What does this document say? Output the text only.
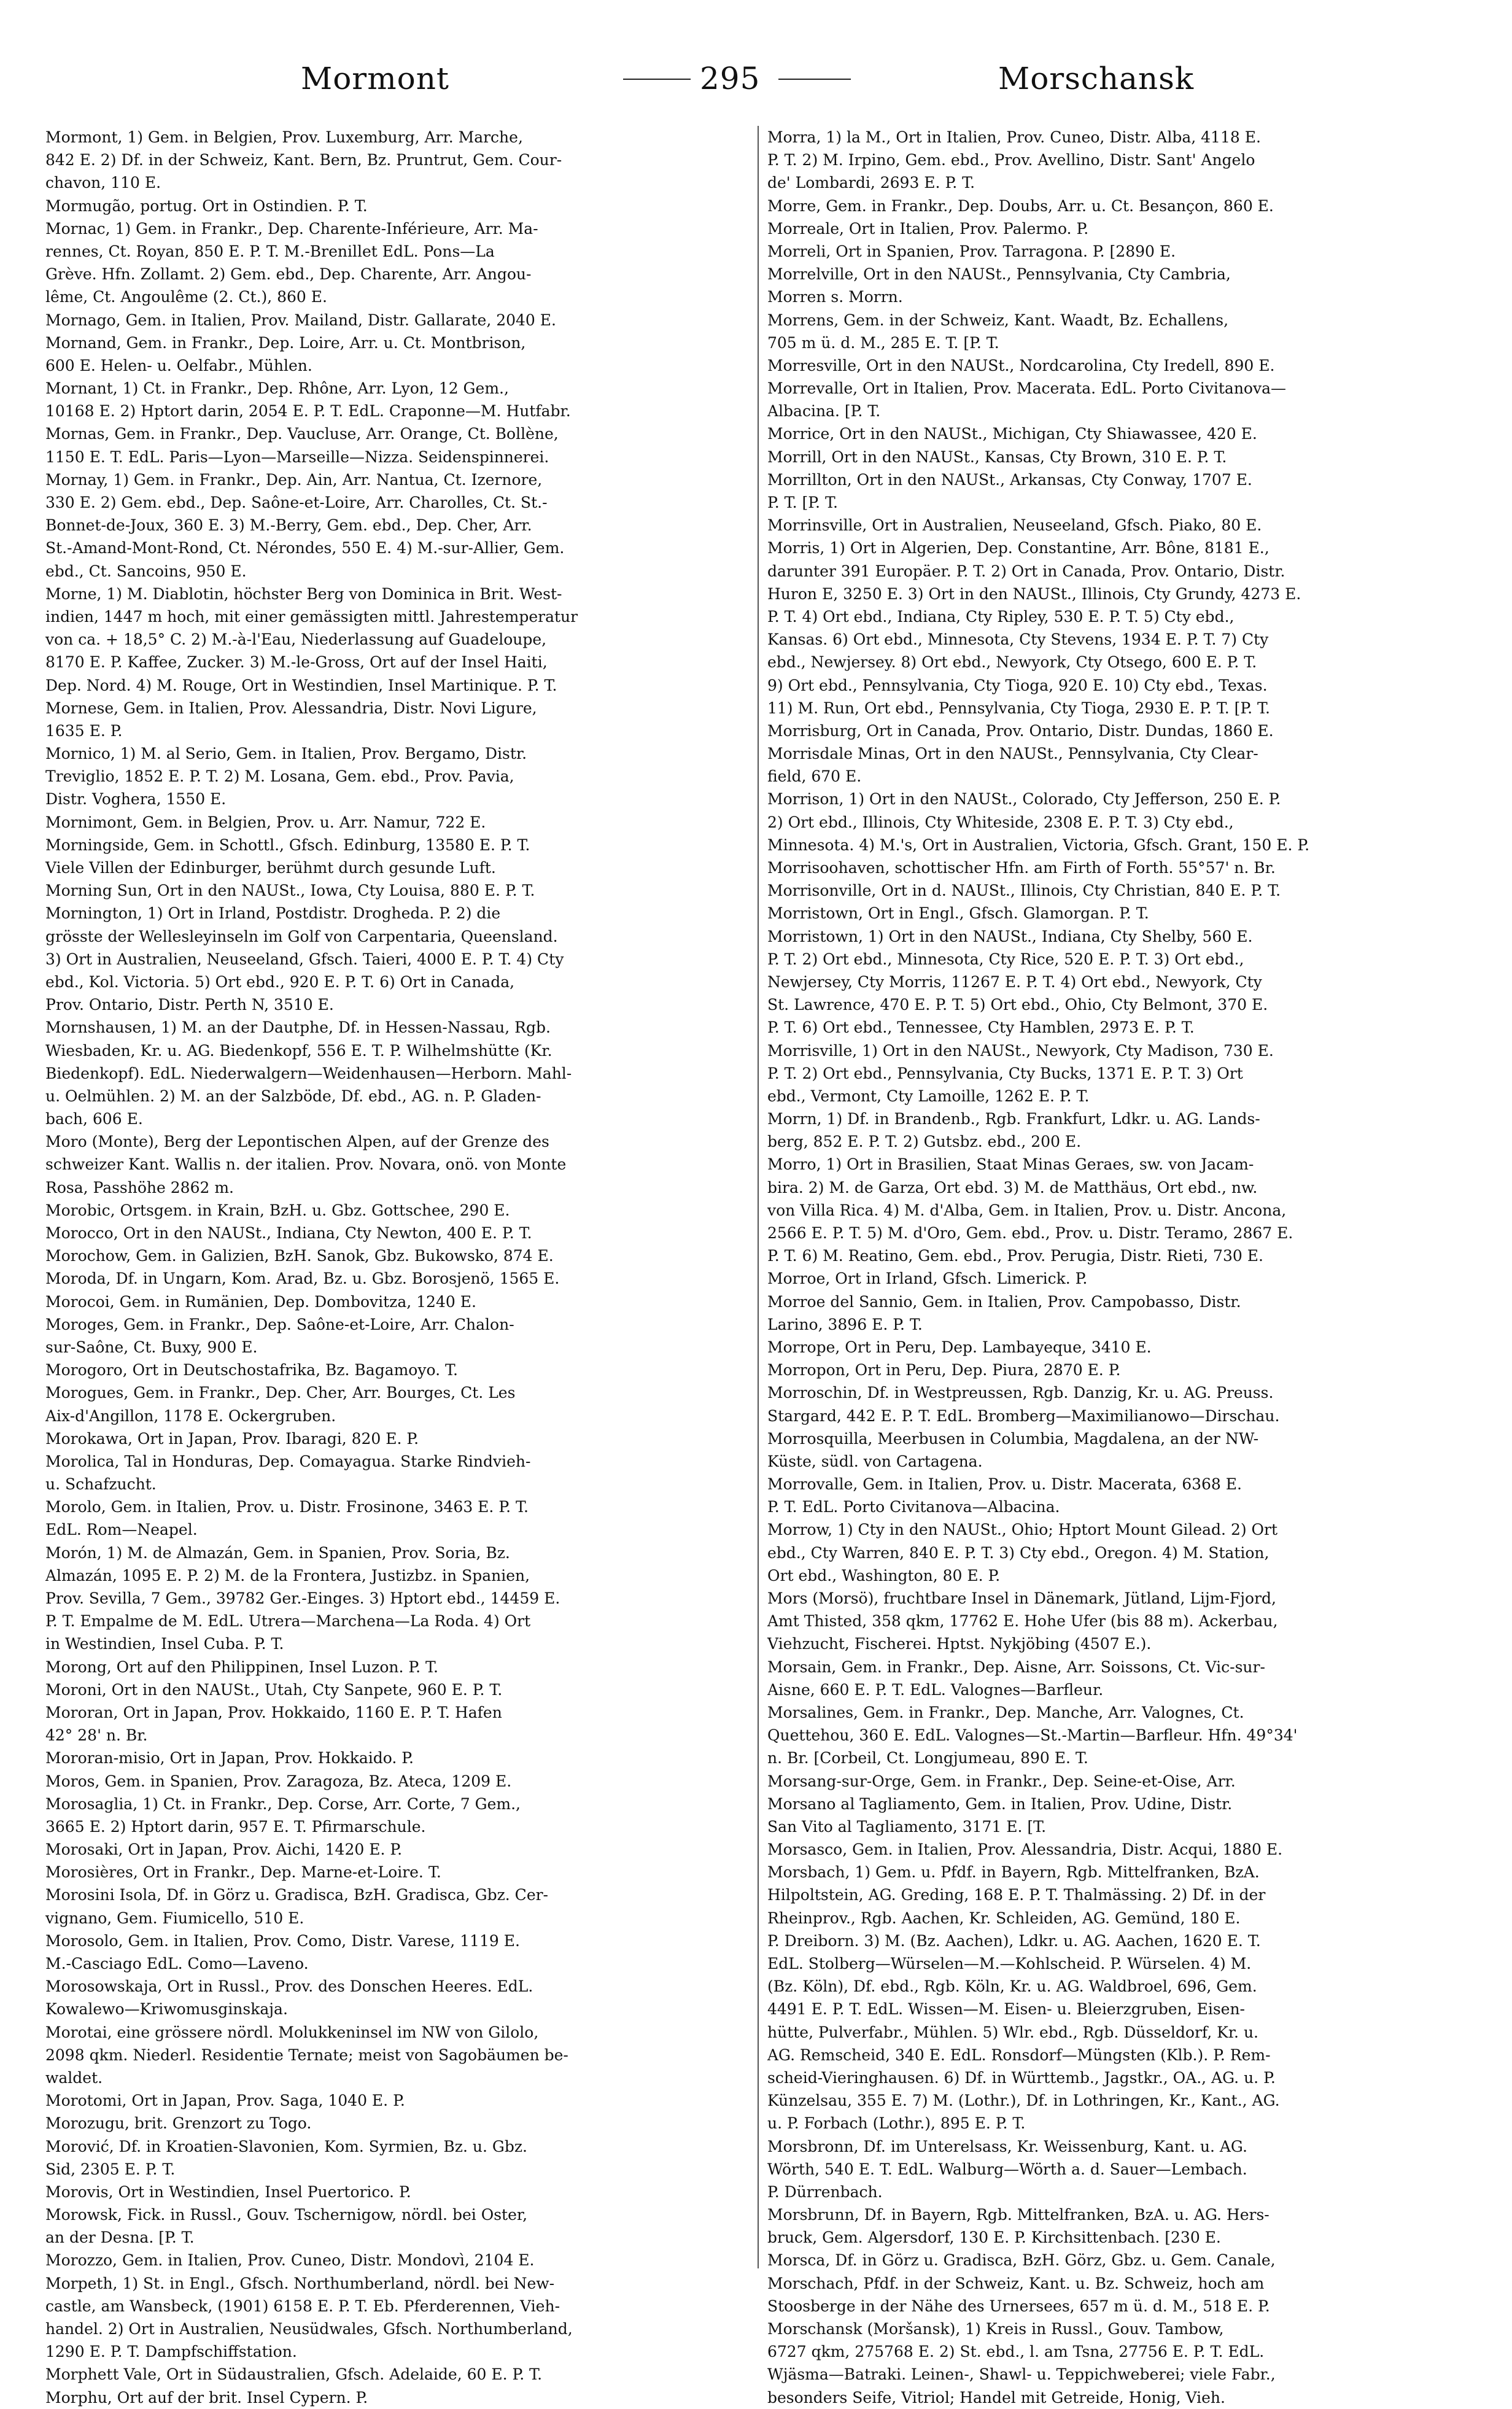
Mormont	295	Morschansk
Mormont, 1) Gem. in Belgien, Prov. Luxemburg, Arr. Marche,
842 E. 2) Df. in der Schweiz, Kant. Bern, Bz. Pruntrut, Gem. Cour-
chavon, 110 E.
Mormugão, portug. Ort in Ostindien. P. T.
Mornac, 1) Gem. in Frankr., Dep. Charente-Inférieure, Arr. Ma-
rennes, Ct. Royan, 850 E. P. T. M.-Brenillet EdL. Pons—La
Grève. Hfn. Zollamt. 2) Gem. ebd., Dep. Charente, Arr. Angou-
lême, Ct. Angoulême (2. Ct.), 860 E.
Mornago, Gem. in Italien, Prov. Mailand, Distr. Gallarate, 2040 E.
Mornand, Gem. in Frankr., Dep. Loire, Arr. u. Ct. Montbrison,
600 E. Helen- u. Oelfabr., Mühlen.
Mornant, 1) Ct. in Frankr., Dep. Rhône, Arr. Lyon, 12 Gem.,
10168 E. 2) Hptort darin, 2054 E. P. T. EdL. Craponne—M. Hutfabr.
Mornas, Gem. in Frankr., Dep. Vaucluse, Arr. Orange, Ct. Bollène,
1150 E. T. EdL. Paris—Lyon—Marseille—Nizza. Seidenspinnerei.
Mornay, 1) Gem. in Frankr., Dep. Ain, Arr. Nantua, Ct. Izernore,
330 E. 2) Gem. ebd., Dep. Saône-et-Loire, Arr. Charolles, Ct. St.-
Bonnet-de-Joux, 360 E. 3) M.-Berry, Gem. ebd., Dep. Cher, Arr.
St.-Amand-Mont-Rond, Ct. Nérondes, 550 E. 4) M.-sur-Allier, Gem.
ebd., Ct. Sancoins, 950 E.
Morne, 1) M. Diablotin, höchster Berg von Dominica in Brit. West-
indien, 1447 m hoch, mit einer gemässigten mittl. Jahrestemperatur
von ca. + 18,5° C. 2) M.-à-l'Eau, Niederlassung auf Guadeloupe,
8170 E. P. Kaffee, Zucker. 3) M.-le-Gross, Ort auf der Insel Haiti,
Dep. Nord. 4) M. Rouge, Ort in Westindien, Insel Martinique. P. T.
Mornese, Gem. in Italien, Prov. Alessandria, Distr. Novi Ligure,
1635 E. P.
Mornico, 1) M. al Serio, Gem. in Italien, Prov. Bergamo, Distr.
Treviglio, 1852 E. P. T. 2) M. Losana, Gem. ebd., Prov. Pavia,
Distr. Voghera, 1550 E.
Mornimont, Gem. in Belgien, Prov. u. Arr. Namur, 722 E.
Morningside, Gem. in Schottl., Gfsch. Edinburg, 13580 E. P. T.
Viele Villen der Edinburger, berühmt durch gesunde Luft.
Morning Sun, Ort in den NAUSt., Iowa, Cty Louisa, 880 E. P. T.
Mornington, 1) Ort in Irland, Postdistr. Drogheda. P. 2) die
grösste der Wellesleyinseln im Golf von Carpentaria, Queensland.
3) Ort in Australien, Neuseeland, Gfsch. Taieri, 4000 E. P. T. 4) Cty
ebd., Kol. Victoria. 5) Ort ebd., 920 E. P. T. 6) Ort in Canada,
Prov. Ontario, Distr. Perth N, 3510 E.
Mornshausen, 1) M. an der Dautphe, Df. in Hessen-Nassau, Rgb.
Wiesbaden, Kr. u. AG. Biedenkopf, 556 E. T. P. Wilhelmshütte (Kr.
Biedenkopf). EdL. Niederwalgern—Weidenhausen—Herborn. Mahl-
u. Oelmühlen. 2) M. an der Salzböde, Df. ebd., AG. n. P. Gladen-
bach, 606 E.
Moro (Monte), Berg der Lepontischen Alpen, auf der Grenze des
schweizer Kant. Wallis n. der italien. Prov. Novara, onö. von Monte
Rosa, Passhöhe 2862 m.
Morobic, Ortsgem. in Krain, BzH. u. Gbz. Gottschee, 290 E.
Morocco, Ort in den NAUSt., Indiana, Cty Newton, 400 E. P. T.
Morochow, Gem. in Galizien, BzH. Sanok, Gbz. Bukowsko, 874 E.
Moroda, Df. in Ungarn, Kom. Arad, Bz. u. Gbz. Borosjenö, 1565 E.
Morocoi, Gem. in Rumänien, Dep. Dombovitza, 1240 E.
Moroges, Gem. in Frankr., Dep. Saône-et-Loire, Arr. Chalon-
sur-Saône, Ct. Buxy, 900 E.
Morogoro, Ort in Deutschostafrika, Bz. Bagamoyo. T.
Morogues, Gem. in Frankr., Dep. Cher, Arr. Bourges, Ct. Les
Aix-d'Angillon, 1178 E. Ockergruben.
Morokawa, Ort in Japan, Prov. Ibaragi, 820 E. P.
Morolica, Tal in Honduras, Dep. Comayagua. Starke Rindvieh-
u. Schafzucht.
Morolo, Gem. in Italien, Prov. u. Distr. Frosinone, 3463 E. P. T.
EdL. Rom—Neapel.
Morón, 1) M. de Almazán, Gem. in Spanien, Prov. Soria, Bz.
Almazán, 1095 E. P. 2) M. de la Frontera, Justizbz. in Spanien,
Prov. Sevilla, 7 Gem., 39782 Ger.-Einges. 3) Hptort ebd., 14459 E.
P. T. Empalme de M. EdL. Utrera—Marchena—La Roda. 4) Ort
in Westindien, Insel Cuba. P. T.
Morong, Ort auf den Philippinen, Insel Luzon. P. T.
Moroni, Ort in den NAUSt., Utah, Cty Sanpete, 960 E. P. T.
Mororan, Ort in Japan, Prov. Hokkaido, 1160 E. P. T. Hafen
42° 28' n. Br.
Mororan-misio, Ort in Japan, Prov. Hokkaido. P.
Moros, Gem. in Spanien, Prov. Zaragoza, Bz. Ateca, 1209 E.
Morosaglia, 1) Ct. in Frankr., Dep. Corse, Arr. Corte, 7 Gem.,
3665 E. 2) Hptort darin, 957 E. T. Pfirmarschule.
Morosaki, Ort in Japan, Prov. Aichi, 1420 E. P.
Morosières, Ort in Frankr., Dep. Marne-et-Loire. T.
Morosini Isola, Df. in Görz u. Gradisca, BzH. Gradisca, Gbz. Cer-
vignano, Gem. Fiumicello, 510 E.
Morosolo, Gem. in Italien, Prov. Como, Distr. Varese, 1119 E.
M.-Casciago EdL. Como—Laveno.
Morosowskaja, Ort in Russl., Prov. des Donschen Heeres. EdL.
Kowalewo—Kriwomusginskaja.
Morotai, eine grössere nördl. Molukkeninsel im NW von Gilolo,
2098 qkm. Niederl. Residentie Ternate; meist von Sagobäumen be-
waldet.
Morotomi, Ort in Japan, Prov. Saga, 1040 E. P.
Morozugu, brit. Grenzort zu Togo.
Morović, Df. in Kroatien-Slavonien, Kom. Syrmien, Bz. u. Gbz.
Sid, 2305 E. P. T.
Morovis, Ort in Westindien, Insel Puertorico. P.
Morowsk, Fick. in Russl., Gouv. Tschernigow, nördl. bei Oster,
an der Desna. [P. T.
Morozzo, Gem. in Italien, Prov. Cuneo, Distr. Mondovì, 2104 E.
Morpeth, 1) St. in Engl., Gfsch. Northumberland, nördl. bei New-
castle, am Wansbeck, (1901) 6158 E. P. T. Eb. Pferderennen, Vieh-
handel. 2) Ort in Australien, Neusüdwales, Gfsch. Northumberland,
1290 E. P. T. Dampfschiffstation.
Morphett Vale, Ort in Südaustralien, Gfsch. Adelaide, 60 E. P. T.
Morphu, Ort auf der brit. Insel Cypern. P.
Morra, 1) la M., Ort in Italien, Prov. Cuneo, Distr. Alba, 4118 E.
P. T. 2) M. Irpino, Gem. ebd., Prov. Avellino, Distr. Sant' Angelo
de' Lombardi, 2693 E. P. T.
Morre, Gem. in Frankr., Dep. Doubs, Arr. u. Ct. Besançon, 860 E.
Morreale, Ort in Italien, Prov. Palermo. P.
Morreli, Ort in Spanien, Prov. Tarragona. P. [2890 E.
Morrelville, Ort in den NAUSt., Pennsylvania, Cty Cambria,
Morren s. Morrn.
Morrens, Gem. in der Schweiz, Kant. Waadt, Bz. Echallens,
705 m ü. d. M., 285 E. T. [P. T.
Morresville, Ort in den NAUSt., Nordcarolina, Cty Iredell, 890 E.
Morrevalle, Ort in Italien, Prov. Macerata. EdL. Porto Civitanova—
Albacina. [P. T.
Morrice, Ort in den NAUSt., Michigan, Cty Shiawassee, 420 E.
Morrill, Ort in den NAUSt., Kansas, Cty Brown, 310 E. P. T.
Morrillton, Ort in den NAUSt., Arkansas, Cty Conway, 1707 E.
P. T. [P. T.
Morrinsville, Ort in Australien, Neuseeland, Gfsch. Piako, 80 E.
Morris, 1) Ort in Algerien, Dep. Constantine, Arr. Bône, 8181 E.,
darunter 391 Europäer. P. T. 2) Ort in Canada, Prov. Ontario, Distr.
Huron E, 3250 E. 3) Ort in den NAUSt., Illinois, Cty Grundy, 4273 E.
P. T. 4) Ort ebd., Indiana, Cty Ripley, 530 E. P. T. 5) Cty ebd.,
Kansas. 6) Ort ebd., Minnesota, Cty Stevens, 1934 E. P. T. 7) Cty
ebd., Newjersey. 8) Ort ebd., Newyork, Cty Otsego, 600 E. P. T.
9) Ort ebd., Pennsylvania, Cty Tioga, 920 E. 10) Cty ebd., Texas.
11) M. Run, Ort ebd., Pennsylvania, Cty Tioga, 2930 E. P. T. [P. T.
Morrisburg, Ort in Canada, Prov. Ontario, Distr. Dundas, 1860 E.
Morrisdale Minas, Ort in den NAUSt., Pennsylvania, Cty Clear-
field, 670 E.
Morrison, 1) Ort in den NAUSt., Colorado, Cty Jefferson, 250 E. P.
2) Ort ebd., Illinois, Cty Whiteside, 2308 E. P. T. 3) Cty ebd.,
Minnesota. 4) M.'s, Ort in Australien, Victoria, Gfsch. Grant, 150 E. P.
Morrisoohaven, schottischer Hfn. am Firth of Forth. 55°57' n. Br.
Morrisonville, Ort in d. NAUSt., Illinois, Cty Christian, 840 E. P. T.
Morristown, Ort in Engl., Gfsch. Glamorgan. P. T.
Morristown, 1) Ort in den NAUSt., Indiana, Cty Shelby, 560 E.
P. T. 2) Ort ebd., Minnesota, Cty Rice, 520 E. P. T. 3) Ort ebd.,
Newjersey, Cty Morris, 11267 E. P. T. 4) Ort ebd., Newyork, Cty
St. Lawrence, 470 E. P. T. 5) Ort ebd., Ohio, Cty Belmont, 370 E.
P. T. 6) Ort ebd., Tennessee, Cty Hamblen, 2973 E. P. T.
Morrisville, 1) Ort in den NAUSt., Newyork, Cty Madison, 730 E.
P. T. 2) Ort ebd., Pennsylvania, Cty Bucks, 1371 E. P. T. 3) Ort
ebd., Vermont, Cty Lamoille, 1262 E. P. T.
Morrn, 1) Df. in Brandenb., Rgb. Frankfurt, Ldkr. u. AG. Lands-
berg, 852 E. P. T. 2) Gutsbz. ebd., 200 E.
Morro, 1) Ort in Brasilien, Staat Minas Geraes, sw. von Jacam-
bira. 2) M. de Garza, Ort ebd. 3) M. de Matthäus, Ort ebd., nw.
von Villa Rica. 4) M. d'Alba, Gem. in Italien, Prov. u. Distr. Ancona,
2566 E. P. T. 5) M. d'Oro, Gem. ebd., Prov. u. Distr. Teramo, 2867 E.
P. T. 6) M. Reatino, Gem. ebd., Prov. Perugia, Distr. Rieti, 730 E.
Morroe, Ort in Irland, Gfsch. Limerick. P.
Morroe del Sannio, Gem. in Italien, Prov. Campobasso, Distr.
Larino, 3896 E. P. T.
Morrope, Ort in Peru, Dep. Lambayeque, 3410 E.
Morropon, Ort in Peru, Dep. Piura, 2870 E. P.
Morroschin, Df. in Westpreussen, Rgb. Danzig, Kr. u. AG. Preuss.
Stargard, 442 E. P. T. EdL. Bromberg—Maximilianowo—Dirschau.
Morrosquilla, Meerbusen in Columbia, Magdalena, an der NW-
Küste, südl. von Cartagena.
Morrovalle, Gem. in Italien, Prov. u. Distr. Macerata, 6368 E.
P. T. EdL. Porto Civitanova—Albacina.
Morrow, 1) Cty in den NAUSt., Ohio; Hptort Mount Gilead. 2) Ort
ebd., Cty Warren, 840 E. P. T. 3) Cty ebd., Oregon. 4) M. Station,
Ort ebd., Washington, 80 E. P.
Mors (Morsö), fruchtbare Insel in Dänemark, Jütland, Lijm-Fjord,
Amt Thisted, 358 qkm, 17762 E. Hohe Ufer (bis 88 m). Ackerbau,
Viehzucht, Fischerei. Hptst. Nykjöbing (4507 E.).
Morsain, Gem. in Frankr., Dep. Aisne, Arr. Soissons, Ct. Vic-sur-
Aisne, 660 E. P. T. EdL. Valognes—Barfleur.
Morsalines, Gem. in Frankr., Dep. Manche, Arr. Valognes, Ct.
Quettehou, 360 E. EdL. Valognes—St.-Martin—Barfleur. Hfn. 49°34'
n. Br. [Corbeil, Ct. Longjumeau, 890 E. T.
Morsang-sur-Orge, Gem. in Frankr., Dep. Seine-et-Oise, Arr.
Morsano al Tagliamento, Gem. in Italien, Prov. Udine, Distr.
San Vito al Tagliamento, 3171 E. [T.
Morsasco, Gem. in Italien, Prov. Alessandria, Distr. Acqui, 1880 E.
Morsbach, 1) Gem. u. Pfdf. in Bayern, Rgb. Mittelfranken, BzA.
Hilpoltstein, AG. Greding, 168 E. P. T. Thalmässing. 2) Df. in der
Rheinprov., Rgb. Aachen, Kr. Schleiden, AG. Gemünd, 180 E.
P. Dreiborn. 3) M. (Bz. Aachen), Ldkr. u. AG. Aachen, 1620 E. T.
EdL. Stolberg—Würselen—M.—Kohlscheid. P. Würselen. 4) M.
(Bz. Köln), Df. ebd., Rgb. Köln, Kr. u. AG. Waldbroel, 696, Gem.
4491 E. P. T. EdL. Wissen—M. Eisen- u. Bleierzgruben, Eisen-
hütte, Pulverfabr., Mühlen. 5) Wlr. ebd., Rgb. Düsseldorf, Kr. u.
AG. Remscheid, 340 E. EdL. Ronsdorf—Müngsten (Klb.). P. Rem-
scheid-Vieringhausen. 6) Df. in Württemb., Jagstkr., OA., AG. u. P.
Künzelsau, 355 E. 7) M. (Lothr.), Df. in Lothringen, Kr., Kant., AG.
u. P. Forbach (Lothr.), 895 E. P. T.
Morsbronn, Df. im Unterelsass, Kr. Weissenburg, Kant. u. AG.
Wörth, 540 E. T. EdL. Walburg—Wörth a. d. Sauer—Lembach.
P. Dürrenbach.
Morsbrunn, Df. in Bayern, Rgb. Mittelfranken, BzA. u. AG. Hers-
bruck, Gem. Algersdorf, 130 E. P. Kirchsittenbach. [230 E.
Morsca, Df. in Görz u. Gradisca, BzH. Görz, Gbz. u. Gem. Canale,
Morschach, Pfdf. in der Schweiz, Kant. u. Bz. Schweiz, hoch am
Stoosberge in der Nähe des Urnersees, 657 m ü. d. M., 518 E. P.
Morschansk (Moršansk), 1) Kreis in Russl., Gouv. Tambow,
6727 qkm, 275768 E. 2) St. ebd., l. am Tsna, 27756 E. P. T. EdL.
Wjäsma—Batraki. Leinen-, Shawl- u. Teppichweberei; viele Fabr.,
besonders Seife, Vitriol; Handel mit Getreide, Honig, Vieh.
